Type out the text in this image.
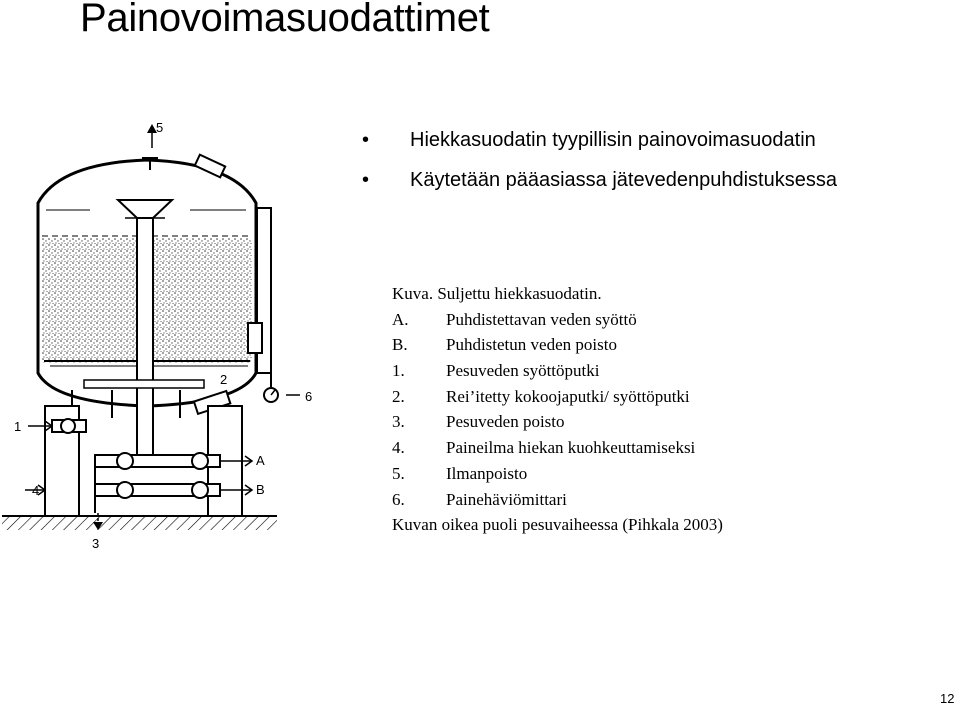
Painovoimasuodattimet
• Hiekkasuodatin tyypillisin painovoimasuodatin
• Käytetään pääasiassa jätevedenpuhdistuksessa
5
2
6
1
A
4	B
3
Kuva. Suljettu hiekkasuodatin.
A. Puhdistettavan veden syöttö
B. Puhdistetun veden poisto
1. Pesuveden syöttöputki
2. Rei’itetty kokoojaputki/ syöttöputki
3. Pesuveden poisto
4. Paineilma hiekan kuohkeuttamiseksi
5. Ilmanpoisto
6. Painehäviömittari
Kuvan oikea puoli pesuvaiheessa (Pihkala 2003)
12
